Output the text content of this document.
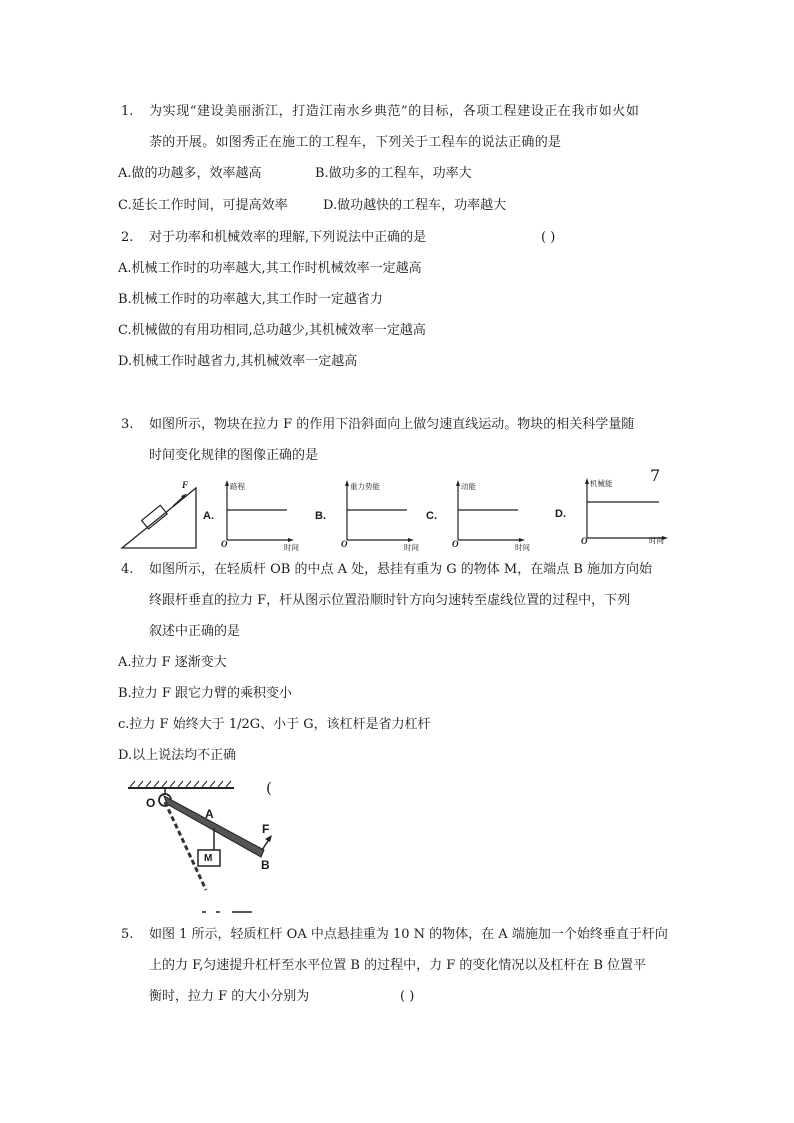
1. 为实现“建设美丽浙江，打造江南水乡典范”的目标，各项工程建设正在我市如火如
荼的开展。如图秀正在施工的工程车，下列关于工程车的说法正确的是
A.做的功越多，效率越高	B.做功多的工程车，功率大
C.延长工作时间，可提高效率	D.做功越快的工程车，功率越大
2. 对于功率和机械效率的理解,下列说法中正确的是	( )
A.机械工作时的功率越大,其工作时机械效率一定越高
B.机械工作时的功率越大,其工作时一定越省力
C.机械做的有用功相同,总功越少,其机械效率一定越高
D.机械工作时越省力,其机械效率一定越高
3. 如图所示，物块在拉力 F 的作用下沿斜面向上做匀速直线运动。物块的相关科学量随
时间变化规律的图像正确的是
F
A.
路程
时间
O
B.
重力势能
时间
O
C.
动能
时间
O
D.
机械能
时间
O
7
4. 如图所示，在轻质杆 OB 的中点 A 处，悬挂有重为 G 的物体 M，在端点 B 施加方向始
终跟杆垂直的拉力 F，杆从图示位置沿顺时针方向匀速转至虚线位置的过程中，下列
叙述中正确的是
A.拉力 F 逐渐变大
B.拉力 F 跟它力臂的乘积变小
c.拉力 F 始终大于 1/2G、小于 G，该杠杆是省力杠杆
D.以上说法均不正确
O
A
F
B
M
(
5. 如图 1 所示，轻质杠杆 OA 中点悬挂重为 10 N 的物体，在 A 端施加一个始终垂直于杆向
上的力 F,匀速提升杠杆至水平位置 B 的过程中，力 F 的变化情况以及杠杆在 B 位置平
衡时，拉力 F 的大小分别为	( )
